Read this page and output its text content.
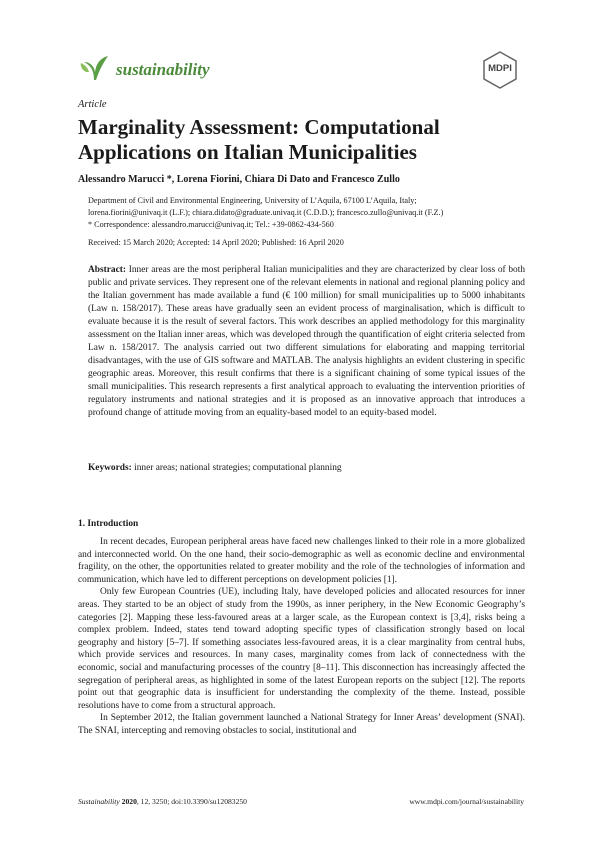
sustainability	MDPI
Article
Marginality Assessment: Computational Applications on Italian Municipalities
Alessandro Marucci *, Lorena Fiorini, Chiara Di Dato and Francesco Zullo
Department of Civil and Environmental Engineering, University of L’Aquila, 67100 L’Aquila, Italy;
lorena.fiorini@univaq.it (L.F.); chiara.didato@graduate.univaq.it (C.D.D.); francesco.zullo@univaq.it (F.Z.)
* Correspondence: alessandro.marucci@univaq.it; Tel.: +39-0862-434-560
Received: 15 March 2020; Accepted: 14 April 2020; Published: 16 April 2020
Abstract: Inner areas are the most peripheral Italian municipalities and they are characterized by clear loss of both public and private services. They represent one of the relevant elements in national and regional planning policy and the Italian government has made available a fund (€ 100 million) for small municipalities up to 5000 inhabitants (Law n. 158/2017). These areas have gradually seen an evident process of marginalisation, which is difficult to evaluate because it is the result of several factors. This work describes an applied methodology for this marginality assessment on the Italian inner areas, which was developed through the quantification of eight criteria selected from Law n. 158/2017. The analysis carried out two different simulations for elaborating and mapping territorial disadvantages, with the use of GIS software and MATLAB. The analysis highlights an evident clustering in specific geographic areas. Moreover, this result confirms that there is a significant chaining of some typical issues of the small municipalities. This research represents a first analytical approach to evaluating the intervention priorities of regulatory instruments and national strategies and it is proposed as an innovative approach that introduces a profound change of attitude moving from an equality-based model to an equity-based model.
Keywords: inner areas; national strategies; computational planning
1. Introduction

In recent decades, European peripheral areas have faced new challenges linked to their role in a more globalized and interconnected world. On the one hand, their socio-demographic as well as economic decline and environmental fragility, on the other, the opportunities related to greater mobility and the role of the technologies of information and communication, which have led to different perceptions on development policies [1].

Only few European Countries (UE), including Italy, have developed policies and allocated resources for inner areas. They started to be an object of study from the 1990s, as inner periphery, in the New Economic Geography’s categories [2]. Mapping these less-favoured areas at a larger scale, as the European context is [3,4], risks being a complex problem. Indeed, states tend toward adopting specific types of classification strongly based on local geography and history [5–7]. If something associates less-favoured areas, it is a clear marginality from central hubs, which provide services and resources. In many cases, marginality comes from lack of connectedness with the economic, social and manufacturing processes of the country [8–11]. This disconnection has increasingly affected the segregation of peripheral areas, as highlighted in some of the latest European reports on the subject [12]. The reports point out that geographic data is insufficient for understanding the complexity of the theme. Instead, possible resolutions have to come from a structural approach.

In September 2012, the Italian government launched a National Strategy for Inner Areas’ development (SNAI). The SNAI, intercepting and removing obstacles to social, institutional and

Sustainability 2020, 12, 3250; doi:10.3390/su12083250	www.mdpi.com/journal/sustainability
